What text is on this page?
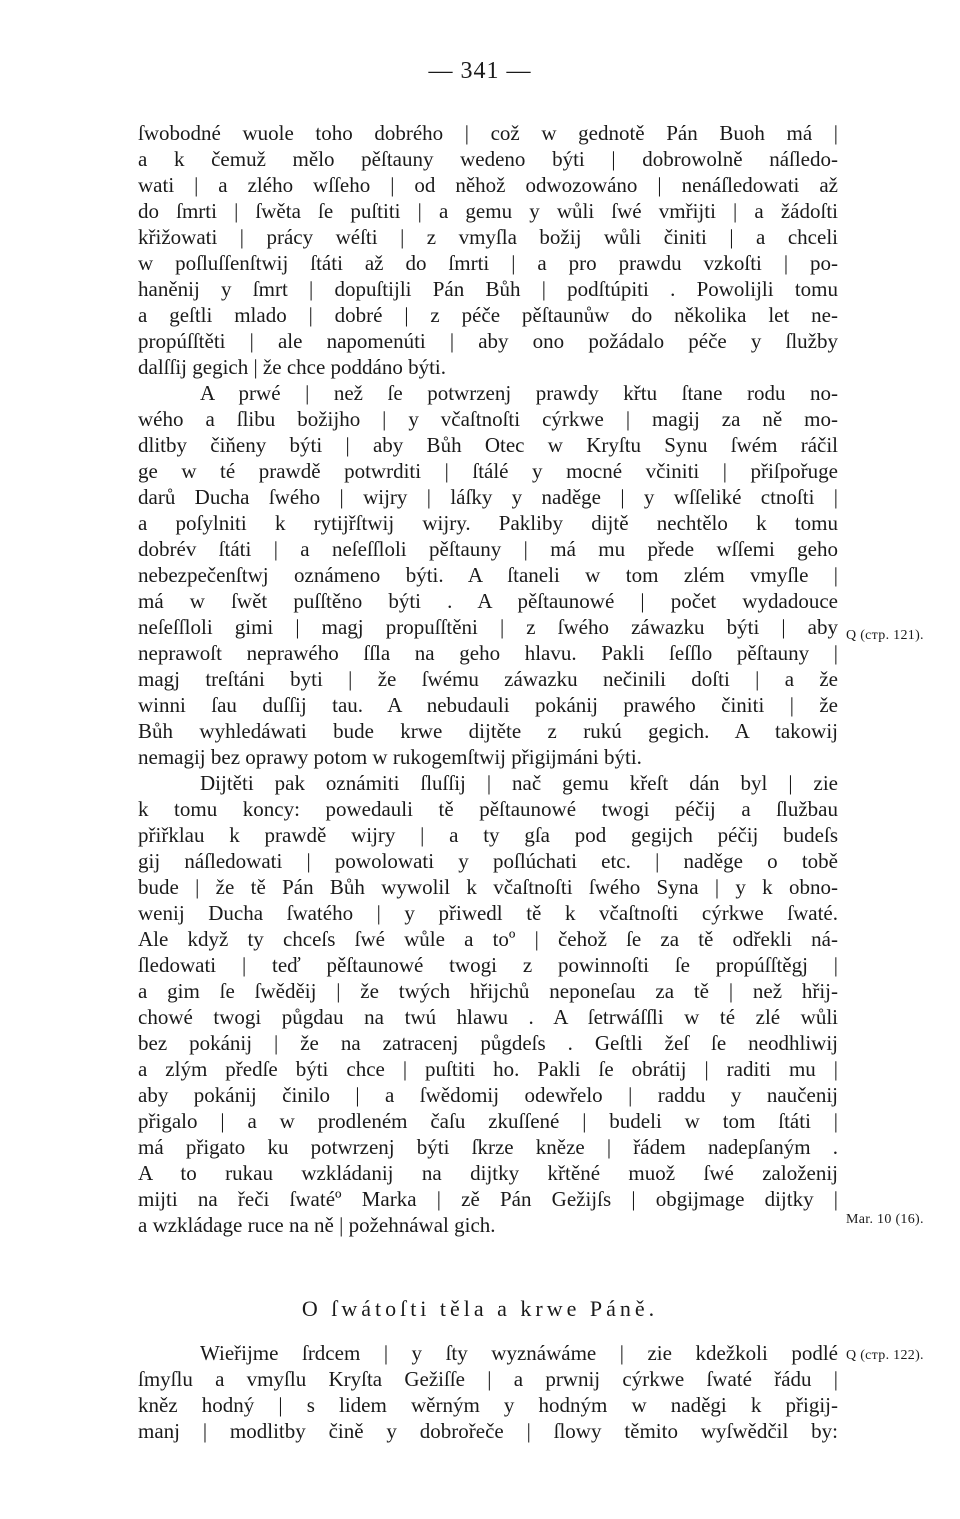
— 341 —
ſwobodné wuole toho dobrého | což w gednotě Pán Buoh má |
a k čemuž mělo pěſtauny wedeno býti | dobrowolně náſledo-
wati | a zlého wſſeho | od něhož odwozowáno | nenáſledowati až
do ſmrti | ſwěta ſe puſtiti | a gemu y wůli ſwé vmřijti | a žádoſti
křižowati | prácy wéſti | z vmyſla božij wůli činiti | a chceli
w poſluſſenſtwij ſtáti až do ſmrti | a pro prawdu vzkoſti | po-
haněnij y ſmrt | dopuſtijli Pán Bůh | podſtúpiti . Powolijli tomu
a geſtli mlado | dobré | z péče pěſtaunůw do několika let ne-
propúſſtěti | ale napomenúti | aby ono požádalo péče y ſlužby
dalſſij gegich | že chce poddáno býti.
A prwé | než ſe potwrzenj prawdy křtu ſtane rodu no-
wého a ſlibu božijho | y včaſtnoſti cýrkwe | magij za ně mo-
dlitby čiňeny býti | aby Bůh Otec w Kryſtu Synu ſwém ráčil
ge w té prawdě potwrditi | ſtálé y mocné včiniti | přiſpořuge
darů Ducha ſwého | wijry | láſky y naděge | y wſſeliké ctnoſti |
a poſylniti k rytijřſtwij wijry. Pakliby dijtě nechtělo k tomu
dobrév ſtáti | a neſeſſloli pěſtauny | má mu přede wſſemi geho
nebezpečenſtwj oznámeno býti. A ſtaneli w tom zlém vmyſle |
má w ſwět puſſtěno býti . A pěſtaunowé | počet wydadouce
neſeſſloli gimi | magj propuſſtěni | z ſwého záwazku býti | aby
neprawoſt neprawého ſſla na geho hlavu. Pakli ſeſſlo pěſtauny |
magj treſtáni byti | že ſwému záwazku nečinili doſti | a že
winni ſau duſſij tau. A nebudauli pokánij prawého činiti | že
Bůh wyhledáwati bude krwe dijtěte z rukú gegich. A takowij
nemagij bez oprawy potom w rukogemſtwij přigijmáni býti.
Dijtěti pak oznámiti ſluſſij | nač gemu křeſt dán byl | zie
k tomu koncy: powedauli tě pěſtaunowé twogi péčij a ſlužbau
přiřklau k prawdě wijry | a ty gſa pod gegijch péčij budeſs
gij náſledowati | powolowati y poſlúchati etc. | naděge o tobě
bude | že tě Pán Bůh wywolil k včaſtnoſti ſwého Syna | y k obno-
wenij Ducha ſwatého | y přiwedl tě k včaſtnoſti cýrkwe ſwaté.
Ale když ty chceſs ſwé wůle a toº | čehož ſe za tě odřekli ná-
ſledowati | teď pěſtaunowé twogi z powinnoſti ſe propúſſtěgj |
a gim ſe ſwěděij | že twých hřijchů neponeſau za tě | než hřij-
chowé twogi půgdau na twú hlawu . A ſetrwáſſli w té zlé wůli
bez pokánij | že na zatracenj půgdeſs . Geſtli žeſ ſe neodhliwij
a zlým předſe býti chce | puſtiti ho. Pakli ſe obrátij | raditi mu |
aby pokánij činilo | a ſwědomij odewřelo | raddu y naučenij
přigalo | a w prodleném čaſu zkuſſené | budeli w tom ſtáti |
má přigato ku potwrzenj býti ſkrze kněze | řádem nadepſaným .
A to rukau wzkládanij na dijtky křtěné muož ſwé založenij
mijti na řeči ſwatéº Marka | zě Pán Gežijſs | obgijmage dijtky |
a wzkládage ruce na ně | požehnáwal gich.
Q (стр. 121).
Mar. 10 (16).
Q (стр. 122).
O ſwátoſti těla a krwe Páně.
Wieřijme ſrdcem | y ſty wyznáwáme | zie kdežkoli podlé
ſmyſlu a vmyſlu Kryſta Gežiſſe | a prwnij cýrkwe ſwaté řádu |
kněz hodný | s lidem wěrným y hodným w naděgi k přigij-
manj | modlitby čině y dobrořeče | ſlowy těmito wyſwědčil by:
